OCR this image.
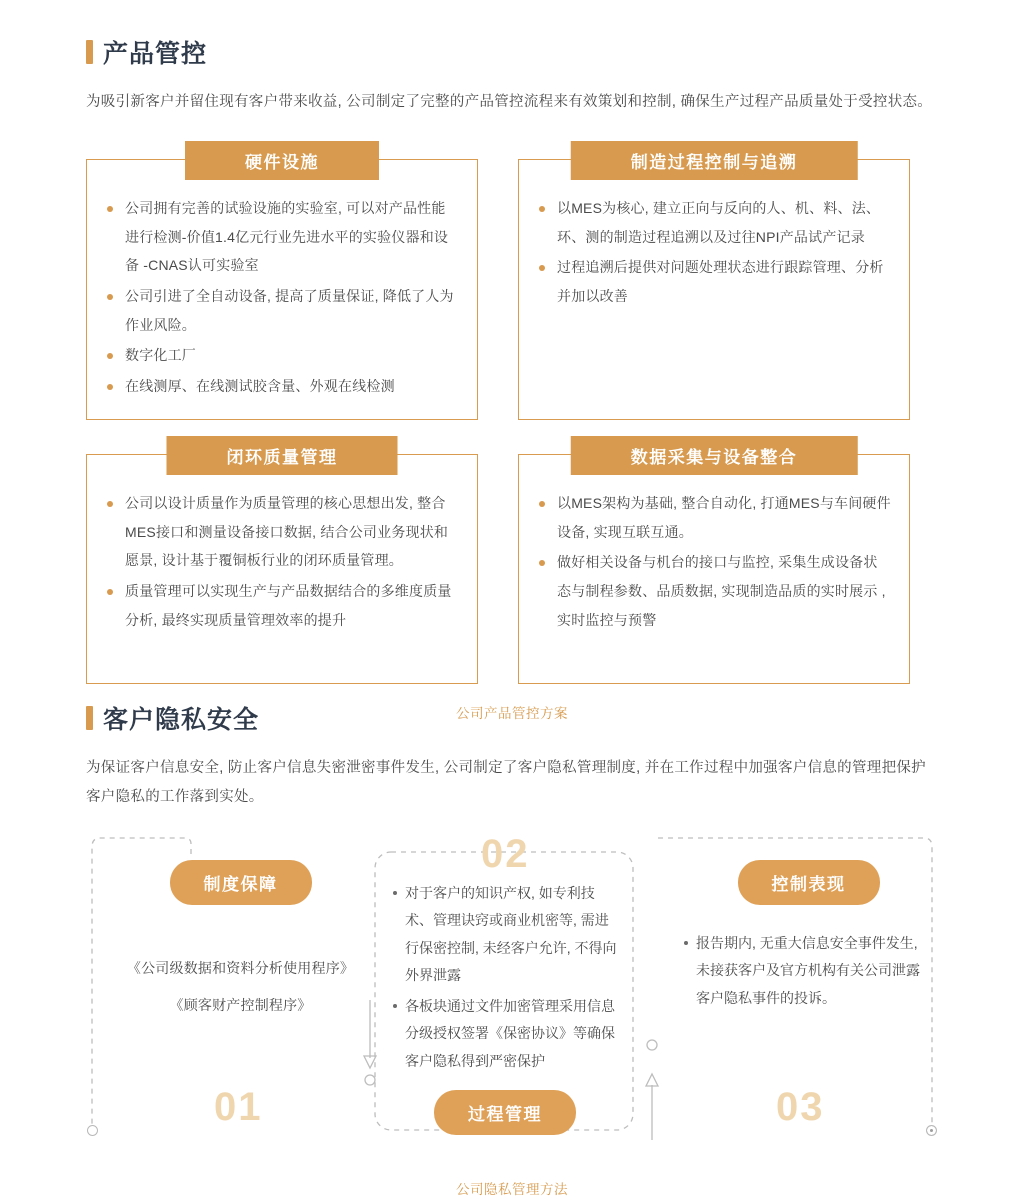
产品管控
为吸引新客户并留住现有客户带来收益, 公司制定了完整的产品管控流程来有效策划和控制, 确保生产过程产品质量处于受控状态。
硬件设施
公司拥有完善的试验设施的实验室, 可以对产品性能进行检测-价值1.4亿元行业先进水平的实验仪器和设备 -CNAS认可实验室
公司引进了全自动设备, 提高了质量保证, 降低了人为作业风险。
数字化工厂
在线测厚、在线测试胶含量、外观在线检测
制造过程控制与追溯
以MES为核心, 建立正向与反向的人、机、料、法、环、测的制造过程追溯以及过往NPI产品试产记录
过程追溯后提供对问题处理状态进行跟踪管理、分析并加以改善
闭环质量管理
公司以设计质量作为质量管理的核心思想出发, 整合MES接口和测量设备接口数据, 结合公司业务现状和愿景, 设计基于覆铜板行业的闭环质量管理。
质量管理可以实现生产与产品数据结合的多维度质量分析, 最终实现质量管理效率的提升
数据采集与设备整合
以MES架构为基础, 整合自动化, 打通MES与车间硬件设备, 实现互联互通。
做好相关设备与机台的接口与监控, 采集生成设备状态与制程参数、品质数据, 实现制造品质的实时展示 , 实时监控与预警
公司产品管控方案
客户隐私安全
为保证客户信息安全, 防止客户信息失密泄密事件发生, 公司制定了客户隐私管理制度, 并在工作过程中加强客户信息的管理把保护客户隐私的工作落到实处。
制度保障
《公司级数据和资料分析使用程序》
《顾客财产控制程序》
01
02
对于客户的知识产权, 如专利技术、管理诀窍或商业机密等, 需进行保密控制, 未经客户允许, 不得向外界泄露
各板块通过文件加密管理采用信息分级授权签署《保密协议》等确保客户隐私得到严密保护
过程管理
控制表现
报告期内, 无重大信息安全事件发生, 未接获客户及官方机构有关公司泄露客户隐私事件的投诉。
03
公司隐私管理方法
